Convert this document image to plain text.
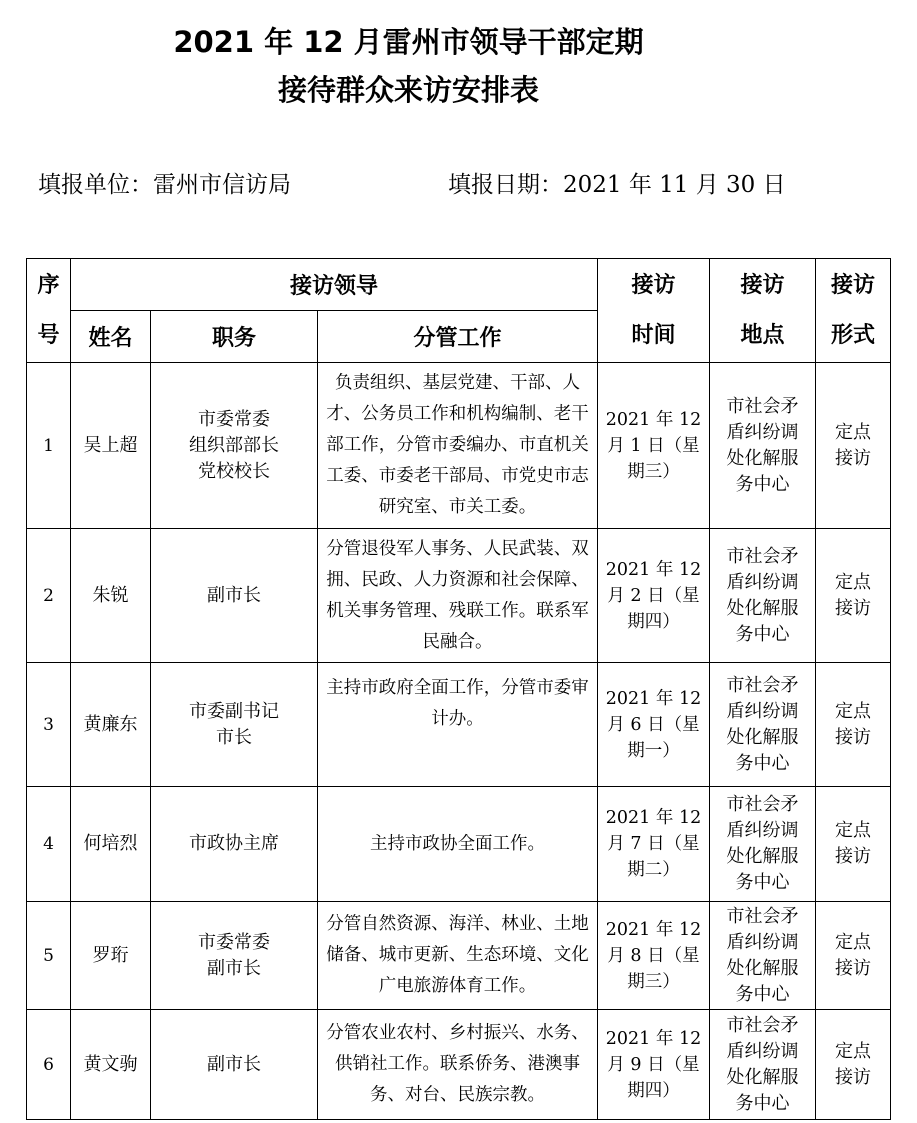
2021 年 12 月雷州市领导干部定期
接待群众来访安排表
填报单位：雷州市信访局	填报日期：2021 年 11 月 30 日
序号	接访领导			接访时间	接访地点	接访形式

	姓名	职务	分管工作			
1	吴上超	市委常委
组织部部长
党校校长	负责组织、基层党建、干部、人才、公务员工作和机构编制、老干部工作，分管市委编办、市直机关工委、市委老干部局、市党史市志研究室、市关工委。	2021 年 12 月 1 日（星期三）	市社会矛盾纠纷调处化解服务中心	定点接访

2	朱锐	副市长	分管退役军人事务、人民武装、双拥、民政、人力资源和社会保障、机关事务管理、残联工作。联系军民融合。	2021 年 12 月 2 日（星期四）	市社会矛盾纠纷调处化解服务中心	定点接访

3	黄廉东	市委副书记
市长	主持市政府全面工作，分管市委审计办。	2021 年 12 月 6 日（星期一）	市社会矛盾纠纷调处化解服务中心	定点接访

4	何培烈	市政协主席	主持市政协全面工作。	2021 年 12 月 7 日（星期二）	市社会矛盾纠纷调处化解服务中心	定点接访

5	罗珩	市委常委
副市长	分管自然资源、海洋、林业、土地储备、城市更新、生态环境、文化广电旅游体育工作。	2021 年 12 月 8 日（星期三）	市社会矛盾纠纷调处化解服务中心	定点接访

6	黄文驹	副市长	分管农业农村、乡村振兴、水务、供销社工作。联系侨务、港澳事务、对台、民族宗教。	2021 年 12 月 9 日（星期四）	市社会矛盾纠纷调处化解服务中心	定点接访
